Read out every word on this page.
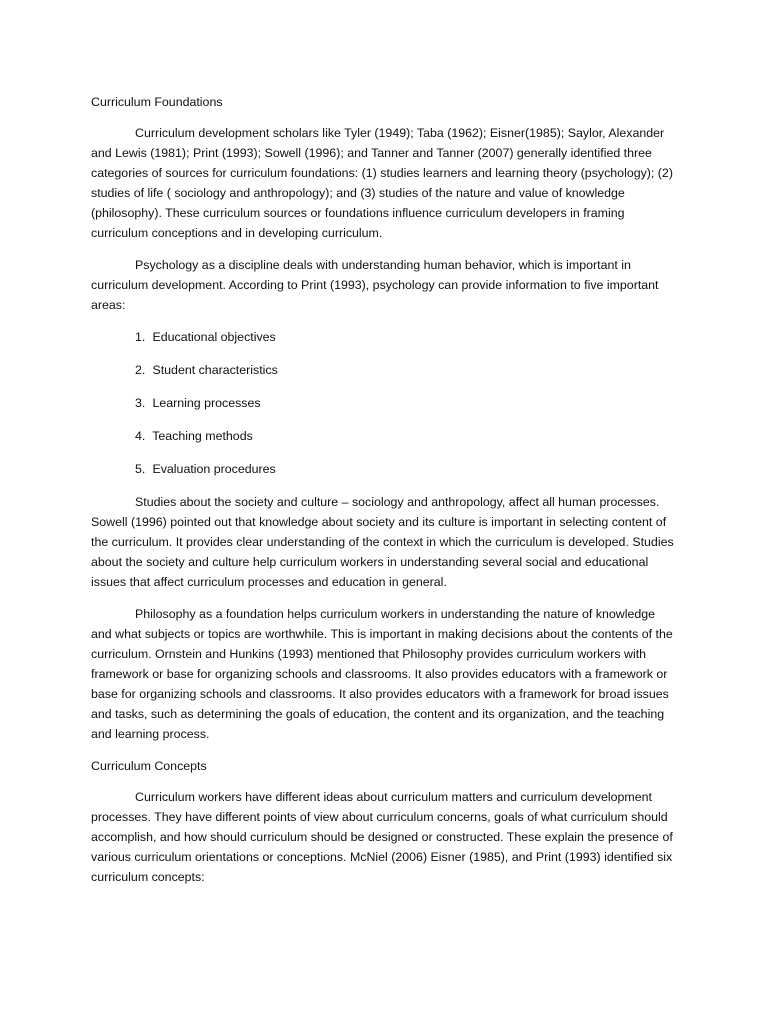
Curriculum Foundations

Curriculum development scholars like Tyler (1949); Taba (1962); Eisner(1985); Saylor, Alexander and Lewis (1981); Print (1993); Sowell (1996); and Tanner and Tanner (2007) generally identified three categories of sources for curriculum foundations: (1) studies learners and learning theory (psychology); (2) studies of life ( sociology and anthropology); and (3) studies of the nature and value of knowledge (philosophy). These curriculum sources or foundations influence curriculum developers in framing curriculum conceptions and in developing curriculum.

Psychology as a discipline deals with understanding human behavior, which is important in curriculum development. According to Print (1993), psychology can provide information to five important areas:

1. Educational objectives
2. Student characteristics
3. Learning processes
4. Teaching methods
5. Evaluation procedures

Studies about the society and culture – sociology and anthropology, affect all human processes. Sowell (1996) pointed out that knowledge about society and its culture is important in selecting content of the curriculum. It provides clear understanding of the context in which the curriculum is developed. Studies about the society and culture help curriculum workers in understanding several social and educational issues that affect curriculum processes and education in general.

Philosophy as a foundation helps curriculum workers in understanding the nature of knowledge and what subjects or topics are worthwhile. This is important in making decisions about the contents of the curriculum. Ornstein and Hunkins (1993) mentioned that Philosophy provides curriculum workers with framework or base for organizing schools and classrooms. It also provides educators with a framework or base for organizing schools and classrooms. It also provides educators with a framework for broad issues and tasks, such as determining the goals of education, the content and its organization, and the teaching and learning process.

Curriculum Concepts

Curriculum workers have different ideas about curriculum matters and curriculum development processes. They have different points of view about curriculum concerns, goals of what curriculum should accomplish, and how should curriculum should be designed or constructed. These explain the presence of various curriculum orientations or conceptions. McNiel (2006) Eisner (1985), and Print (1993) identified six curriculum concepts:
